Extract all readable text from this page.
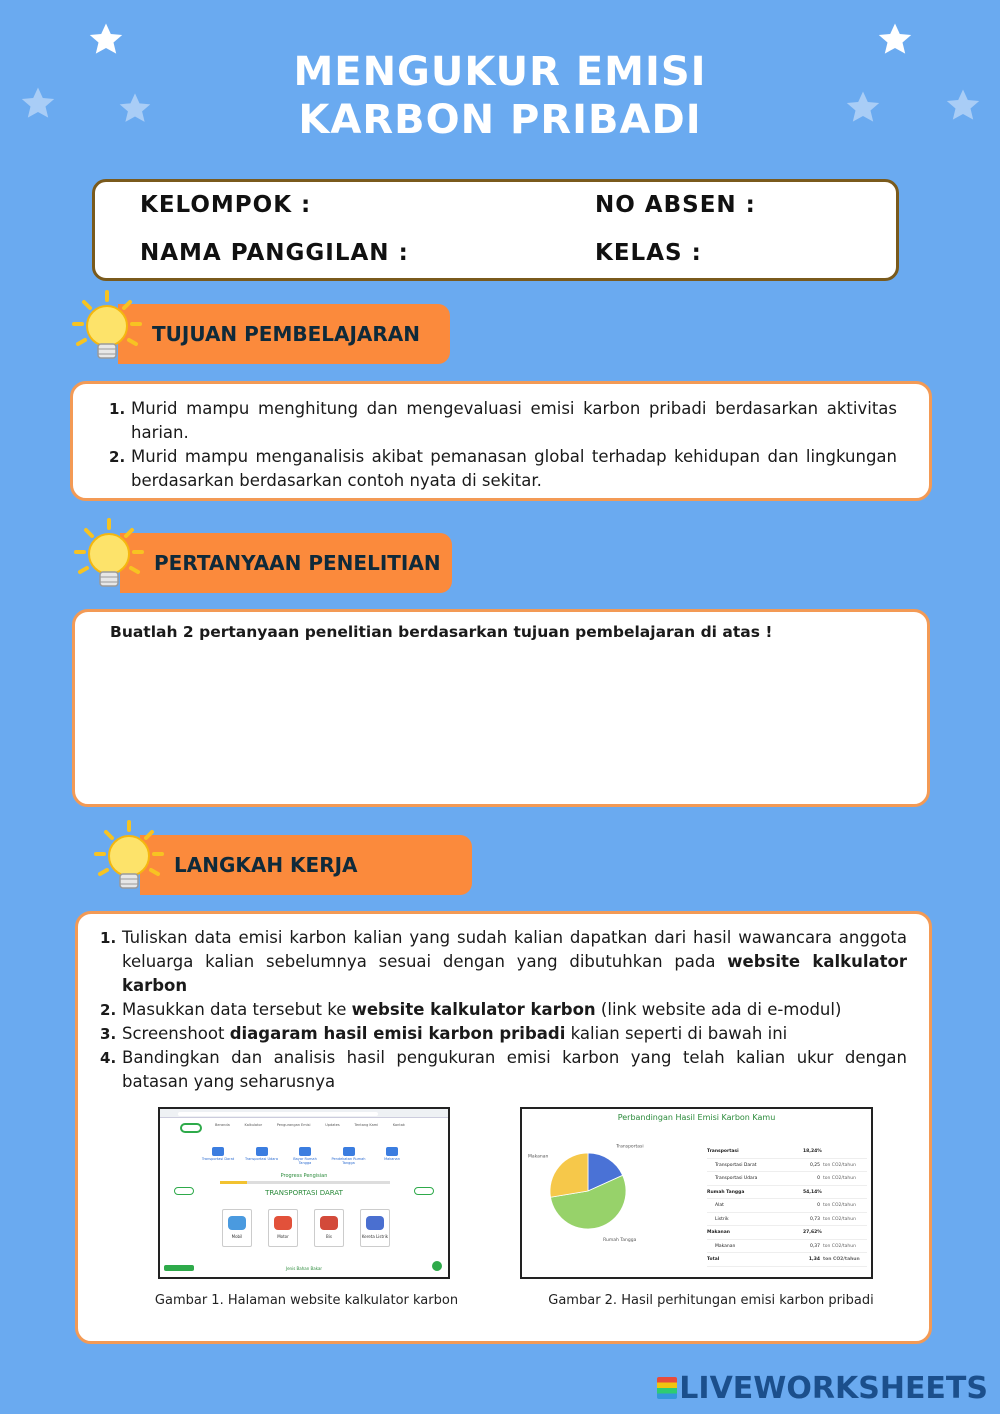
MENGUKUR EMISI
KARBON PRIBADI
KELOMPOK :	NO ABSEN :
NAMA PANGGILAN :	KELAS :
TUJUAN PEMBELAJARAN
Murid mampu menghitung dan mengevaluasi emisi karbon pribadi berdasarkan aktivitas harian.
Murid mampu menganalisis akibat pemanasan global terhadap kehidupan dan lingkungan berdasarkan berdasarkan contoh nyata di sekitar.
PERTANYAAN PENELITIAN
Buatlah 2 pertanyaan penelitian berdasarkan tujuan pembelajaran di atas !
LANGKAH KERJA
Tuliskan data emisi karbon kalian yang sudah kalian dapatkan dari hasil wawancara anggota keluarga kalian sebelumnya sesuai dengan yang dibutuhkan pada website kalkulator karbon
Masukkan data tersebut ke website kalkulator karbon (link website ada di e-modul)
Screenshoot diagaram hasil emisi karbon pribadi kalian seperti di bawah ini
Bandingkan dan analisis hasil pengukuran emisi karbon yang telah kalian ukur dengan batasan yang seharusnya
Beranda	Kalkulator	Pengurangan Emisi	Updates	Tentang Kami	Kontak
Transportasi Darat	Transportasi Udara	Bayar Rumah Tangga
Pendekatan Rumah Tangga
Makanan
Progress Pengisian
TRANSPORTASI DARAT
Mobil	Motor	Bis	Kereta Listrik
Jenis Bahan Bakar
Perbandingan Hasil Emisi Karbon Kamu
Transportasi
Rumah Tangga
Makanan
Transportasi	18,24%
Transportasi Darat	0,25 ton CO2/tahun
Transportasi Udara	0 ton CO2/tahun
Rumah Tangga	54,14%
Alat	0 ton CO2/tahun
Listrik	0,73 ton CO2/tahun
Makanan	27,62%
Makanan	0,37 ton CO2/tahun
Total	1,34 ton CO2/tahun
Gambar 1. Halaman website kalkulator karbon	Gambar 2. Hasil perhitungan emisi karbon pribadi
LIVEWORKSHEETS
